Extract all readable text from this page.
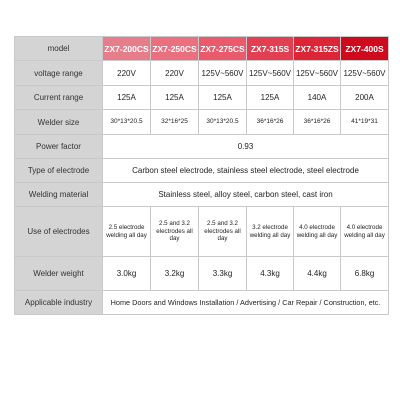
model	ZX7-200CS	ZX7-250CS	ZX7-275CS	ZX7-315S	ZX7-315ZS	ZX7-400S
voltage range	220V	220V	125V~560V	125V~560V	125V~560V	125V~560V
Current range	125A	125A	125A	125A	140A	200A
Welder size	30*13*20.5	32*16*25	30*13*20.5	36*16*26	36*16*26	41*19*31
Power factor	0.93					
Type of electrode	Carbon steel electrode, stainless steel electrode, steel electrode					
Welding material	Stainless steel, alloy steel, carbon steel, cast iron					
Use of electrodes	2.5 electrode welding all day	2.5 and 3.2 electrodes all day	2.5 and 3.2 electrodes all day	3.2 electrode welding all day	4.0 electrode welding all day	4.0 electrode welding all day
Welder weight	3.0kg	3.2kg	3.3kg	4.3kg	4.4kg	6.8kg
Applicable industry	Home Doors and Windows Installation / Advertising / Car Repair / Construction, etc.					
